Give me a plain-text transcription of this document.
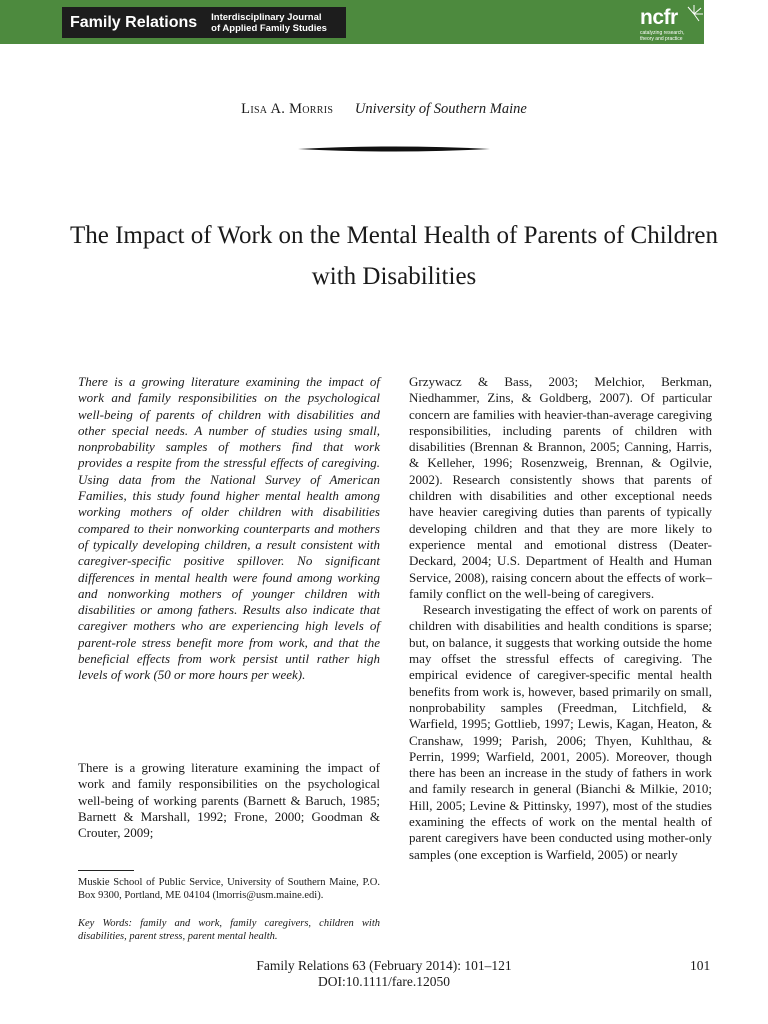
Family Relations Interdisciplinary Journal
of Applied Family Studies	ncfr
catalyzing research,
theory and practice
Lisa A. Morris University of Southern Maine
The Impact of Work on the Mental Health of Parents of Children with Disabilities

There is a growing literature examining the impact of work and family responsibilities on the psychological well-being of parents of children with disabilities and other special needs. A number of studies using small, nonprobability samples of mothers find that work provides a respite from the stressful effects of caregiving. Using data from the National Survey of American Families, this study found higher mental health among working mothers of older children with disabilities compared to their nonworking counterparts and mothers of typically developing children, a result consistent with caregiver-specific positive spillover. No significant differences in mental health were found among working and nonworking mothers of younger children with disabilities or among fathers. Results also indicate that caregiver mothers who are experiencing high levels of parent-role stress benefit more from work, and that the beneficial effects from work persist until rather high levels of work (50 or more hours per week).

There is a growing literature examining the impact of work and family responsibilities on the psychological well-being of working parents (Barnett & Baruch, 1985; Barnett & Marshall, 1992; Frone, 2000; Goodman & Crouter, 2009;

Grzywacz & Bass, 2003; Melchior, Berkman, Niedhammer, Zins, & Goldberg, 2007). Of particular concern are families with heavier-than-average caregiving responsibilities, including parents of children with disabilities (Brennan & Brannon, 2005; Canning, Harris, & Kelleher, 1996; Rosenzweig, Brennan, & Ogilvie, 2002). Research consistently shows that parents of children with disabilities and other exceptional needs have heavier caregiving duties than parents of typically developing children and that they are more likely to experience mental and emotional distress (Deater-Deckard, 2004; U.S. Department of Health and Human Service, 2008), raising concern about the effects of work–family conflict on the well-being of caregivers.

Research investigating the effect of work on parents of children with disabilities and health conditions is sparse; but, on balance, it suggests that working outside the home may offset the stressful effects of caregiving. The empirical evidence of caregiver-specific mental health benefits from work is, however, based primarily on small, nonprobability samples (Freedman, Litchfield, & Warfield, 1995; Gottlieb, 1997; Lewis, Kagan, Heaton, & Cranshaw, 1999; Parish, 2006; Thyen, Kuhlthau, & Perrin, 1999; Warfield, 2001, 2005). Moreover, though there has been an increase in the study of fathers in work and family research in general (Bianchi & Milkie, 2010; Hill, 2005; Levine & Pittinsky, 1997), most of the studies examining the effects of work on the mental health of parent caregivers have been conducted using mother-only samples (one exception is Warfield, 2005) or nearly

Muskie School of Public Service, University of Southern Maine, P.O. Box 9300, Portland, ME 04104 (lmorris@usm.maine.edi).

Key Words: family and work, family caregivers, children with disabilities, parent stress, parent mental health.

Family Relations 63 (February 2014): 101–121
DOI:10.1111/fare.12050
101
